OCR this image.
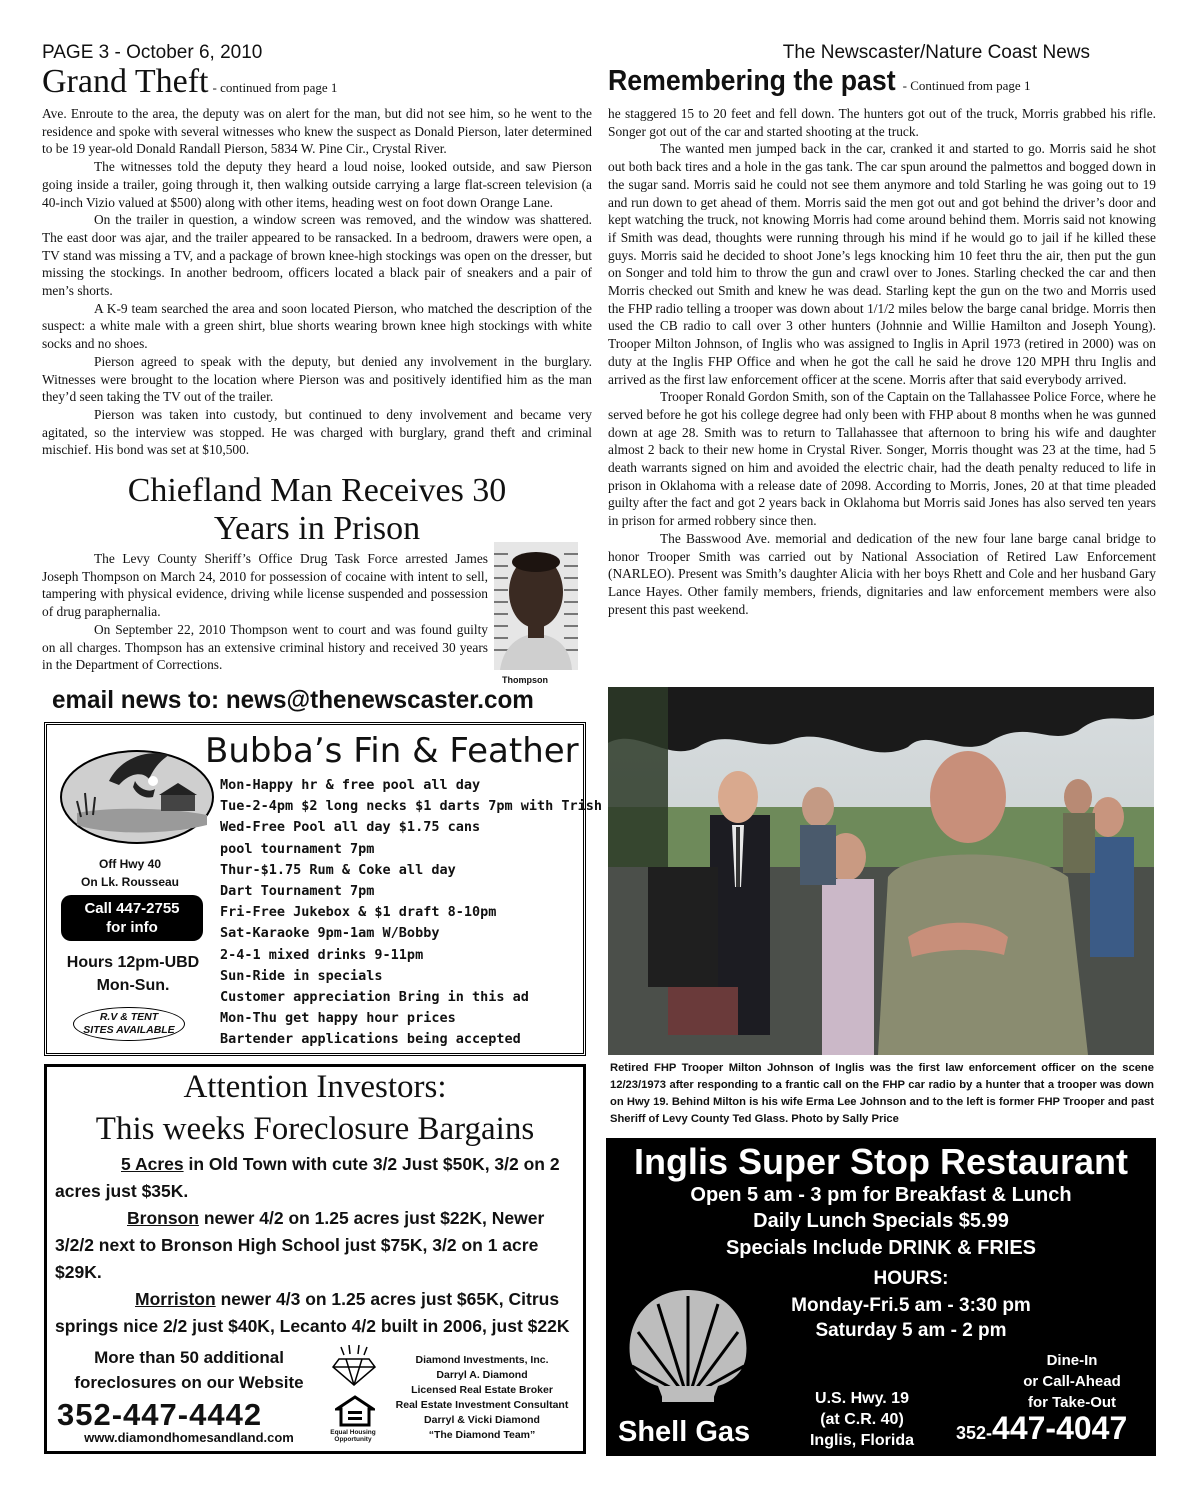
PAGE 3 - October 6, 2010	The Newscaster/Nature Coast News
Grand Theft - continued from page 1

Ave. Enroute to the area, the deputy was on alert for the man, but did not see him, so he went to the residence and spoke with several witnesses who knew the suspect as Donald Pierson, later determined to be 19 year-old Donald Randall Pierson, 5834 W. Pine Cir., Crystal River.

The witnesses told the deputy they heard a loud noise, looked outside, and saw Pierson going inside a trailer, going through it, then walking outside carrying a large flat-screen television (a 40-inch Vizio valued at $500) along with other items, heading west on foot down Orange Lane.

On the trailer in question, a window screen was removed, and the window was shattered. The east door was ajar, and the trailer appeared to be ransacked. In a bedroom, drawers were open, a TV stand was missing a TV, and a package of brown knee-high stockings was open on the dresser, but missing the stockings. In another bedroom, officers located a black pair of sneakers and a pair of men’s shorts.

A K-9 team searched the area and soon located Pierson, who matched the description of the suspect: a white male with a green shirt, blue shorts wearing brown knee high stockings with white socks and no shoes.

Pierson agreed to speak with the deputy, but denied any involvement in the burglary. Witnesses were brought to the location where Pierson was and positively identified him as the man they’d seen taking the TV out of the trailer.

Pierson was taken into custody, but continued to deny involvement and became very agitated, so the interview was stopped. He was charged with burglary, grand theft and criminal mischief. His bond was set at $10,500.

Chiefland Man Receives 30
Years in Prison

The Levy County Sheriff’s Office Drug Task Force arrested James Joseph Thompson on March 24, 2010 for possession of cocaine with intent to sell, tampering with physical evidence, driving while license suspended and possession of drug paraphernalia.

On September 22, 2010 Thompson went to court and was found guilty on all charges. Thompson has an extensive criminal history and received 30 years in the Department of Corrections.

Thompson
email news to: news@thenewscaster.com
Bubba’s Fin & Feather
Off Hwy 40
On Lk. Rousseau
Call 447-2755
for info
Hours 12pm-UBD
Mon-Sun.
R.V & TENT
SITES AVAILABLE
Mon-Happy hr & free pool all day
Tue-2-4pm $2 long necks $1 darts 7pm with Trish
Wed-Free Pool all day $1.75 cans
pool tournament 7pm
Thur-$1.75 Rum & Coke all day
Dart Tournament 7pm
Fri-Free Jukebox & $1 draft 8-10pm
Sat-Karaoke 9pm-1am W/Bobby
2-4-1 mixed drinks 9-11pm
Sun-Ride in specials
Customer appreciation Bring in this ad
Mon-Thu get happy hour prices
Bartender applications being accepted
Attention Investors:
This weeks Foreclosure Bargains
5 Acres in Old Town with cute 3/2 Just $50K, 3/2 on 2 acres just $35K.
Bronson newer 4/2 on 1.25 acres just $22K, Newer 3/2/2 next to Bronson High School just $75K, 3/2 on 1 acre $29K.
Morriston newer 4/3 on 1.25 acres just $65K, Citrus springs nice 2/2 just $40K, Lecanto 4/2 built in 2006, just $22K
More than 50 additional
foreclosures on our Website
352-447-4442
www.diamondhomesandland.com	Equal Housing
Opportunity
Diamond Investments, Inc.
Darryl A. Diamond
Licensed Real Estate Broker
Real Estate Investment Consultant
Darryl & Vicki Diamond
“The Diamond Team”
Remembering the past - Continued from page 1

he staggered 15 to 20 feet and fell down. The hunters got out of the truck, Morris grabbed his rifle. Songer got out of the car and started shooting at the truck.

The wanted men jumped back in the car, cranked it and started to go. Morris said he shot out both back tires and a hole in the gas tank. The car spun around the palmettos and bogged down in the sugar sand. Morris said he could not see them anymore and told Starling he was going out to 19 and run down to get ahead of them. Morris said the men got out and got behind the driver’s door and kept watching the truck, not knowing Morris had come around behind them. Morris said not knowing if Smith was dead, thoughts were running through his mind if he would go to jail if he killed these guys. Morris said he decided to shoot Jone’s legs knocking him 10 feet thru the air, then put the gun on Songer and told him to throw the gun and crawl over to Jones. Starling checked the car and then Morris checked out Smith and knew he was dead. Starling kept the gun on the two and Morris used the FHP radio telling a trooper was down about 1/1/2 miles below the barge canal bridge. Morris then used the CB radio to call over 3 other hunters (Johnnie and Willie Hamilton and Joseph Young). Trooper Milton Johnson, of Inglis who was assigned to Inglis in April 1973 (retired in 2000) was on duty at the Inglis FHP Office and when he got the call he said he drove 120 MPH thru Inglis and arrived as the first law enforcement officer at the scene. Morris after that said everybody arrived.

Trooper Ronald Gordon Smith, son of the Captain on the Tallahassee Police Force, where he served before he got his college degree had only been with FHP about 8 months when he was gunned down at age 28. Smith was to return to Tallahassee that afternoon to bring his wife and daughter almost 2 back to their new home in Crystal River. Songer, Morris thought was 23 at the time, had 5 death warrants signed on him and avoided the electric chair, had the death penalty reduced to life in prison in Oklahoma with a release date of 2098. According to Morris, Jones, 20 at that time pleaded guilty after the fact and got 2 years back in Oklahoma but Morris said Jones has also served ten years in prison for armed robbery since then.

The Basswood Ave. memorial and dedication of the new four lane barge canal bridge to honor Trooper Smith was carried out by National Association of Retired Law Enforcement (NARLEO). Present was Smith’s daughter Alicia with her boys Rhett and Cole and her husband Gary Lance Hayes. Other family members, friends, dignitaries and law enforcement members were also present this past weekend.

Retired FHP Trooper Milton Johnson of Inglis was the first law enforcement officer on the scene 12/23/1973 after responding to a frantic call on the FHP car radio by a hunter that a trooper was down on Hwy 19. Behind Milton is his wife Erma Lee Johnson and to the left is former FHP Trooper and past Sheriff of Levy County Ted Glass. Photo by Sally Price
Inglis Super Stop Restaurant
Open 5 am - 3 pm for Breakfast & Lunch
Daily Lunch Specials $5.99
Specials Include DRINK & FRIES
HOURS:
Monday-Fri.5 am - 3:30 pm
Saturday 5 am - 2 pm
Shell Gas
U.S. Hwy. 19
(at C.R. 40)
Inglis, Florida
Dine-In
or Call-Ahead
for Take-Out
352-447-4047
